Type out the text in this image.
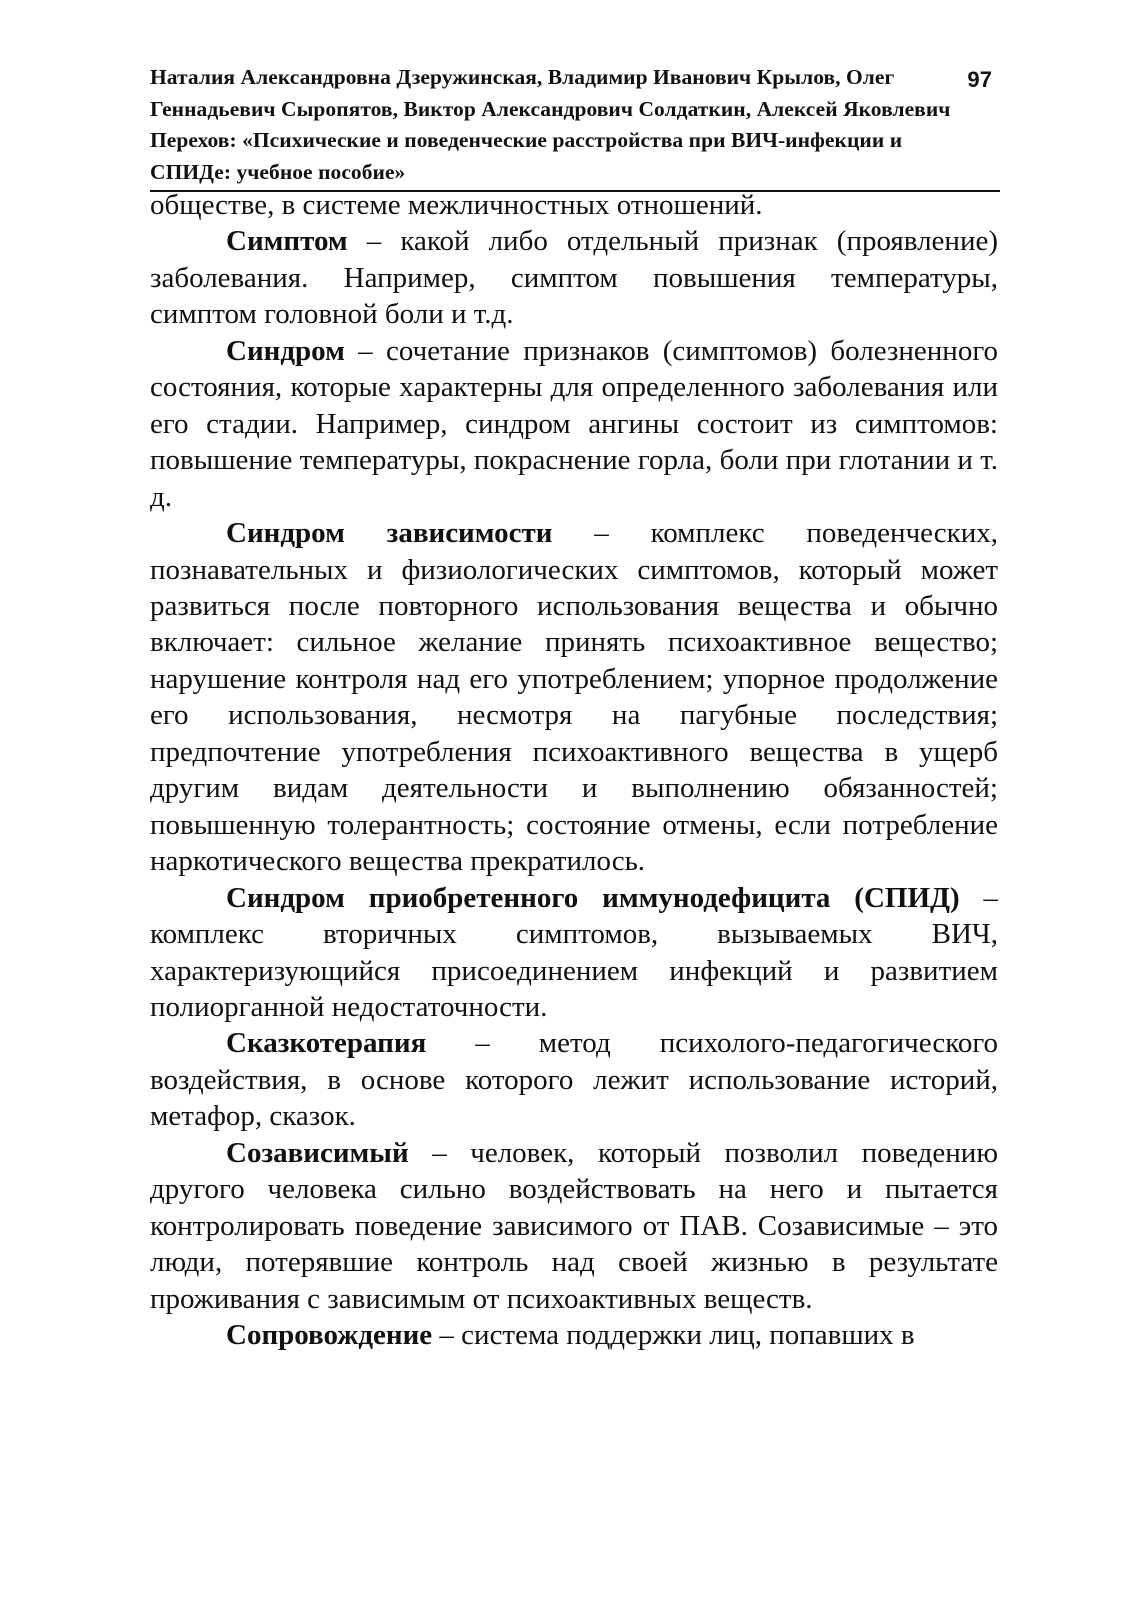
Наталия Александровна Дзеружинская, Владимир Иванович Крылов, Олег Геннадьевич Сыропятов, Виктор Александрович Солдаткин, Алексей Яковлевич Перехов: «Психические и поведенческие расстройства при ВИЧ-инфекции и СПИДе: учебное пособие»
97

обществе, в системе межличностных отношений.

Симптом – какой либо отдельный признак (проявление) заболевания. Например, симптом повышения температуры, симптом головной боли и т.д.

Синдром – сочетание признаков (симптомов) болезненного состояния, которые характерны для определенного заболевания или его стадии. Например, синдром ангины состоит из симптомов: повышение температуры, покраснение горла, боли при глотании и т. д.

Синдром зависимости – комплекс поведенческих, познавательных и физиологических симптомов, который может развиться после повторного использования вещества и обычно включает: сильное желание принять психоактивное вещество; нарушение контроля над его употреблением; упорное продолжение его использования, несмотря на пагубные последствия; предпочтение употребления психоактивного вещества в ущерб другим видам деятельности и выполнению обязанностей; повышенную толерантность; состояние отмены, если потребление наркотического вещества прекратилось.

Синдром приобретенного иммунодефицита (СПИД) – комплекс вторичных симптомов, вызываемых ВИЧ, характеризующийся присоединением инфекций и развитием полиорганной недостаточности.

Сказкотерапия – метод психолого-педагогического воздействия, в основе которого лежит использование историй, метафор, сказок.

Созависимый – человек, который позволил поведению другого человека сильно воздействовать на него и пытается контролировать поведение зависимого от ПАВ. Созависимые – это люди, потерявшие контроль над своей жизнью в результате проживания с зависимым от психоактивных веществ.

Сопровождение – система поддержки лиц, попавших в
